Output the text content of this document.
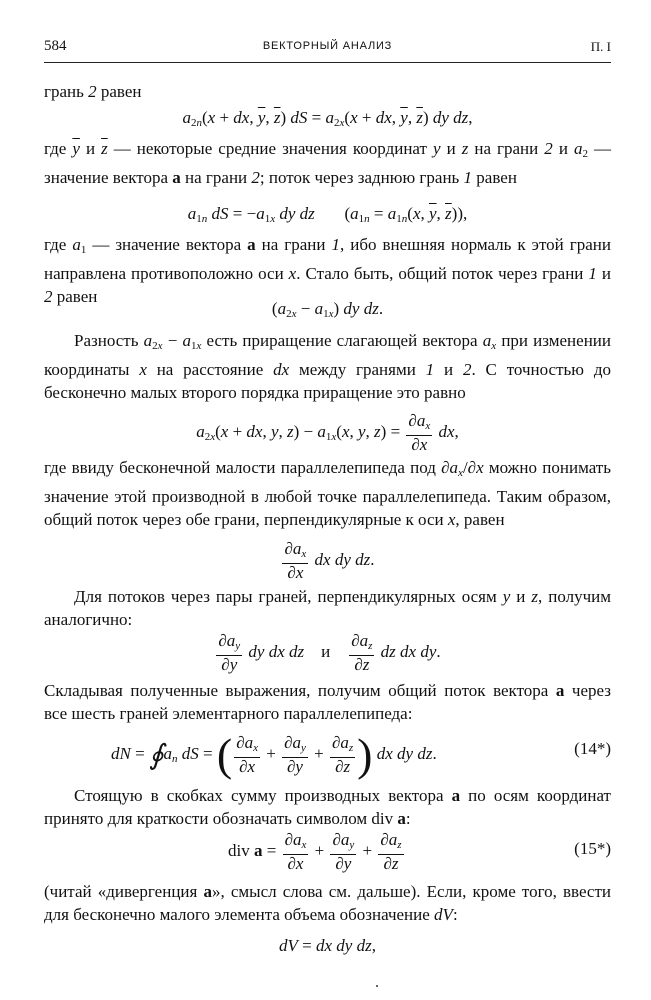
584	ВЕКТОРНЫЙ АНАЛИЗ	П. I
грань 2 равен
$a_{2n}(x$ + dx, $\overline{y}$, $\overline{z}$) dS = $a_{2x}(x$ + dx, $\overline{y}$, $\overline{z}$) dy dz,
где $\overline{y}$ и $\overline{z}$ — некоторые средние значения координат y и z на грани 2 и $a_2$ — значение вектора a на грани 2; поток через заднюю грань 1 равен
$a_{1n}$ dS = $-a_{1x}$ dy dz       ($a_{1n} = a_{1n}(x$, $\overline{y}$, $\overline{z}$)),
где $a_1$ — значение вектора a на грани 1, ибо внешняя нормаль к этой грани направлена противоположно оси x. Стало быть, общий поток через грани 1 и 2 равен
$(a_{2x} - a_{1x})$ dy dz.
Разность $a_{2x} - a_{1x}$ есть приращение слагающей вектора $a_x$ при изменении координаты x на расстояние dx между гранями 1 и 2. С точностью до бесконечно малых второго порядка приращение это равно
$a_{2x}(x$ + dx, y, $z) - a_{1x}(x$, y, $z) = \frac{\partial a_x}{\partial x}$ dx,
где ввиду бесконечной малости параллелепипеда под $\partial a_x/\partial x$ можно понимать значение этой производной в любой точке параллелепипеда. Таким образом, общий поток через обе грани, перпендикулярные к оси x, равен
$\frac{\partial a_x}{\partial x}$ dx dy dz.
Для потоков через пары граней, перпендикулярных осям y и z, получим аналогично:
$\frac{\partial a_y}{\partial y}$ dy dx dz и $\frac{\partial a_z}{\partial z}$ dz dx dy.
Складывая полученные выражения, получим общий поток вектора a через все шесть граней элементарного параллелепипеда:
dN = $∮a_n$ dS = ( $\frac{\partial a_x}{\partial x} + \frac{\partial a_y}{\partial y} + \frac{\partial a_z}{\partial z}$ ) dx dy dz.	(14*)
Стоящую в скобках сумму производных вектора a по осям координат принято для краткости обозначать символом div a:
div $a = \frac{\partial a_x}{\partial x} + \frac{\partial a_y}{\partial y} + \frac{\partial a_z}{\partial z}$	(15*)
(читай «дивергенция a», смысл слова см. дальше). Если, кроме того, ввести для бесконечно малого элемента объема обозначение dV:
dV = dx dy dz,
